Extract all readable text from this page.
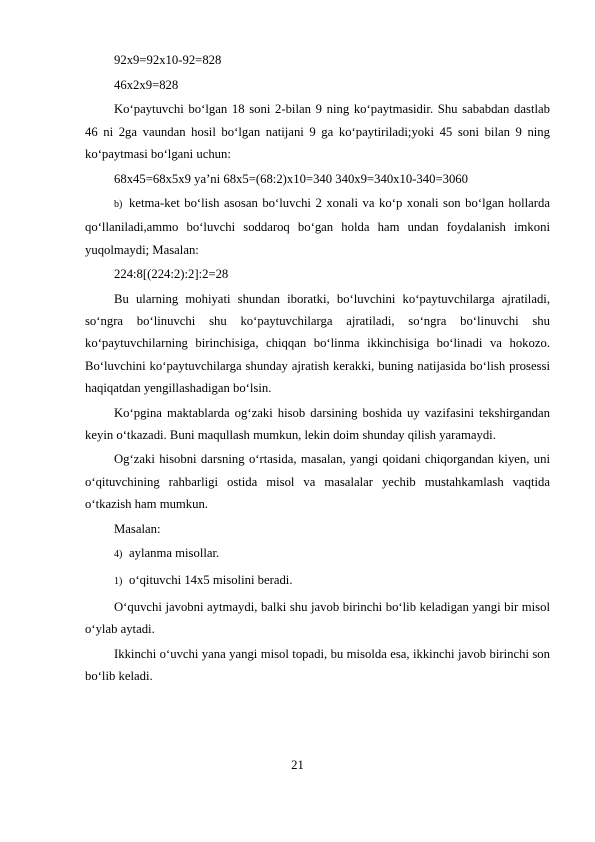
92x9=92x10-92=828

46x2x9=828

Ko‘paytuvchi bo‘lgan 18 soni 2-bilan 9 ning ko‘paytmasidir. Shu sababdan dastlab 46 ni 2ga vaundan hosil bo‘lgan natijani 9 ga ko‘paytiriladi;yoki 45 soni bilan 9 ning ko‘paytmasi bo‘lgani uchun:

68x45=68x5x9 ya’ni 68x5=(68:2)x10=340 340x9=340x10-340=3060

b) ketma-ket bo‘lish asosan bo‘luvchi 2 xonali va ko‘p xonali son bo‘lgan hollarda qo‘llaniladi,ammo bo‘luvchi soddaroq bo‘gan holda ham undan foydalanish imkoni yuqolmaydi; Masalan:

224:8[(224:2):2]:2=28

Bu ularning mohiyati shundan iboratki, bo‘luvchini ko‘paytuvchilarga ajratiladi, so‘ngra bo‘linuvchi shu ko‘paytuvchilarga ajratiladi, so‘ngra bo‘linuvchi shu ko‘paytuvchilarning birinchisiga, chiqqan bo‘linma ikkinchisiga bo‘linadi va hokozo. Bo‘luvchini ko‘paytuvchilarga shunday ajratish kerakki, buning natijasida bo‘lish prosessi haqiqatdan yengillashadigan bo‘lsin.

Ko‘pgina maktablarda og‘zaki hisob darsining boshida uy vazifasini tekshirgandan keyin o‘tkazadi. Buni maqullash mumkun, lekin doim shunday qilish yaramaydi.

Og‘zaki hisobni darsning o‘rtasida, masalan, yangi qoidani chiqorgandan kiyen, uni o‘qituvchining rahbarligi ostida misol va masalalar yechib mustahkamlash vaqtida o‘tkazish ham mumkun.

Masalan:

4) aylanma misollar.

1) o‘qituvchi 14x5 misolini beradi.

O‘quvchi javobni aytmaydi, balki shu javob birinchi bo‘lib keladigan yangi bir misol o‘ylab aytadi.

Ikkinchi o‘uvchi yana yangi misol topadi, bu misolda esa, ikkinchi javob birinchi son bo‘lib keladi.

21
